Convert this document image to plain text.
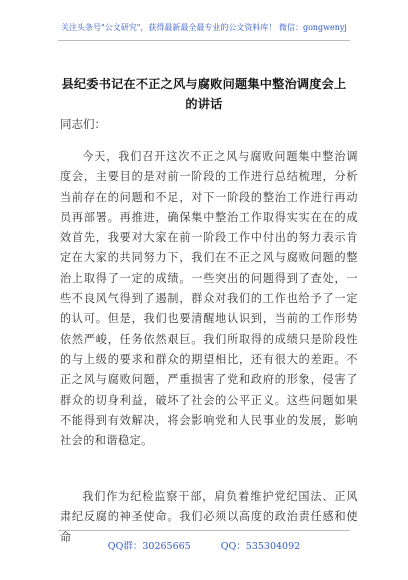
关注头条号"公文研究"，获得最新最全最专业的公文资料库！ 微信：gongwenyj
县纪委书记在不正之风与腐败问题集中整治调度会上的讲话
同志们：
今天，我们召开这次不正之风与腐败问题集中整治调度会，主要目的是对前一阶段的工作进行总结梳理，分析当前存在的问题和不足，对下一阶段的整治工作进行再动员再部署。再推进，确保集中整治工作取得实实在在的成效首先，我要对大家在前一阶段工作中付出的努力表示肯定在大家的共同努力下，我们在不正之风与腐败问题的整治上取得了一定的成绩。一些突出的问题得到了查处，一些不良风气得到了遏制，群众对我们的工作也给予了一定的认可。但是，我们也要清醒地认识到，当前的工作形势依然严峻，任务依然艰巨。我们所取得的成绩只是阶段性的与上级的要求和群众的期望相比，还有很大的差距。不正之风与腐败问题，严重损害了党和政府的形象，侵害了群众的切身利益，破坏了社会的公平正义。这些问题如果不能得到有效解决，将会影响党和人民事业的发展，影响社会的和谐稳定。
我们作为纪检监察干部，肩负着维护党纪国法、正风肃纪反腐的神圣使命。我们必须以高度的政治责任感和使命
QQ群：30265665	QQ：535304092
